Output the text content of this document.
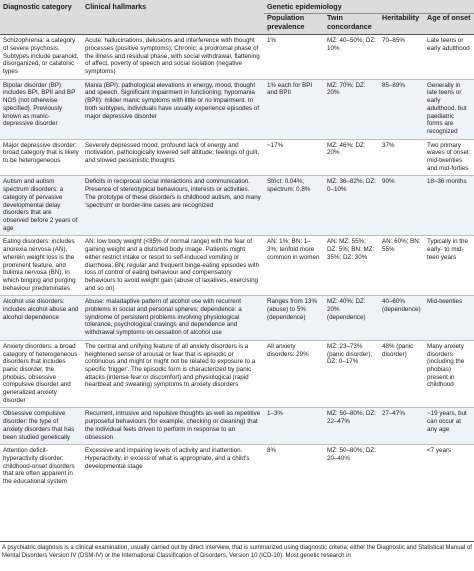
Diagnostic category	Clinical hallmarks	Genetic epidemiology			
		Population prevalence	Twin concordance	Heritability	Age of onset
Schizophrenia: a category of severe psychosis. Subtypes include paranoid, disorganized, or catatonic types	Acute: hallucinations, delusions and interference with thought processes (positive symptoms); Chronic: a prodromal phase of the illness and residual phase, with social withdrawal, flattening of affect, poverty of speech and social isolation (negative symptoms)	1%	MZ: 40–50%; DZ: 10%	70–85%	Late teens or early adulthood
Bipolar disorder (BP): includes BPI, BPII and BP NOS (not otherwise specified). Previously known as manic-depressive disorder	Mania (BPI): pathological elevations in energy, mood, thought and speech. Significant impairment in functioning; hypomania (BPII): milder manic symptoms with little or no impairment. In both subtypes, individuals have usually experience episodes of major depressive disorder	1% each for BPI and BPII	MZ: 70%; DZ: 20%	85–89%	Generally in late teens or early adulthood, but paediatric forms are recognized
Major depressive disorder: broad category that is likely to be heterogeneous	Severely depressed mood, profound lack of energy and motivation, pathologically lowered self attitude, feelings of guilt, and slowed pessimistic thoughts	~17%	MZ: 46%; DZ: 20%	37%	Two primary waves of onset: mid-twenties and mid-forties
Autism and autism spectrum disorders: a category of pervasive developmental delay disorders that are observed before 2 years of age	Deficits in reciprocal social interactions and communication. Presence of stereotypical behaviours, interests or activities. The prototype of these disorders is childhood autism, and many 'spectrum' or border-line cases are recognized	Strict: 0.04%; spectrum: 0.8%	MZ: 36–82%; DZ: 0–10%	90%	18–36 months
Eating disorders: includes anorexia nervosa (AN), wherein weight loss is the prominent feature, and bulimia nervosa (BN), in which binging and purging behaviour predominates	AN: low body weight (<85% of normal range) with the fear of gaining weight and a distorted body image. Patients might either restrict intake or resort to self-induced vomiting or diarrhoea; BN: regular and frequent binge-eating episodes with loss of control of eating behaviour and compensatory behaviours to avoid weight gain (abuse of laxatives, exercising and so on)	AN: 1%; BN: 1–3%; tenfold more common in women	AN: MZ: 55%; DZ: 5%; BN: MZ: 35%; DZ: 30%	AN: 60%; BN: 55%	Typically in the early- to mid-teen years
Alcohol use disorders: includes alcohol abuse and alcohol dependence	Abuse: maladaptive pattern of alcohol use with recurrent problems in social and personal spheres; dependence: a syndrome of persistent problems involving physiological tolerance, psychological cravings and dependence and withdrawal symptoms on cessation of alcohol use	Ranges from 13% (abuse) to 5% (dependence)	MZ: 40%; DZ: 20% (dependence)	40–60% (dependence)	Mid-twenties
Anxiety disorders: a broad category of heterogeneous disorders that includes panic disorder, the phobias, obsessive compulsive disorder and generalized anxiety disorder	The central and unifying feature of all anxiety disorders is a heightened sense of arousal or fear that is episodic or continuous and might or might not be related to exposure to a specific 'trigger'. The episodic form is characterized by panic attacks (intense fear or discomfort) and physiological (rapid heartbeat and sweating) symptoms to anxiety disorders	All anxiety disorders: 29%	MZ: 23–73% (panic disorder); DZ: 0–17%	48% (panic disorder)	Many anxiety disorders (including the phobias) present in childhood
Obsessive compulsive disorder: the type of anxiety disorders that has been studied genetically	Recurrent, intrusive and repulsive thoughts as well as repetitive purposeful behaviours (for example, checking or cleaning) that the individual feels driven to perform in response to an obsession	1–3%	MZ: 50–80%; DZ: 22–47%	27–47%	~19 years, but can occur at any age
Attention deficit-hyperactivity disorder: childhood-onset disorders that are often apparent in the educational system	Excessive and impairing levels of activity and inattention. Hyperactivity, in excess of what is appropriate, and a child's developmental stage	8%	MZ: 50–80%; DZ: 20–40%		<7 years
A psychiatric diagnosis is a clinical examination, usually carried out by direct interview, that is summarized using diagnostic criteria: either the Diagnostic and Statistical Manual of Mental Disorders Version IV (DSM-IV) or the International Classification of Disorders, Version 10 (ICD-10). Most genetic research in
